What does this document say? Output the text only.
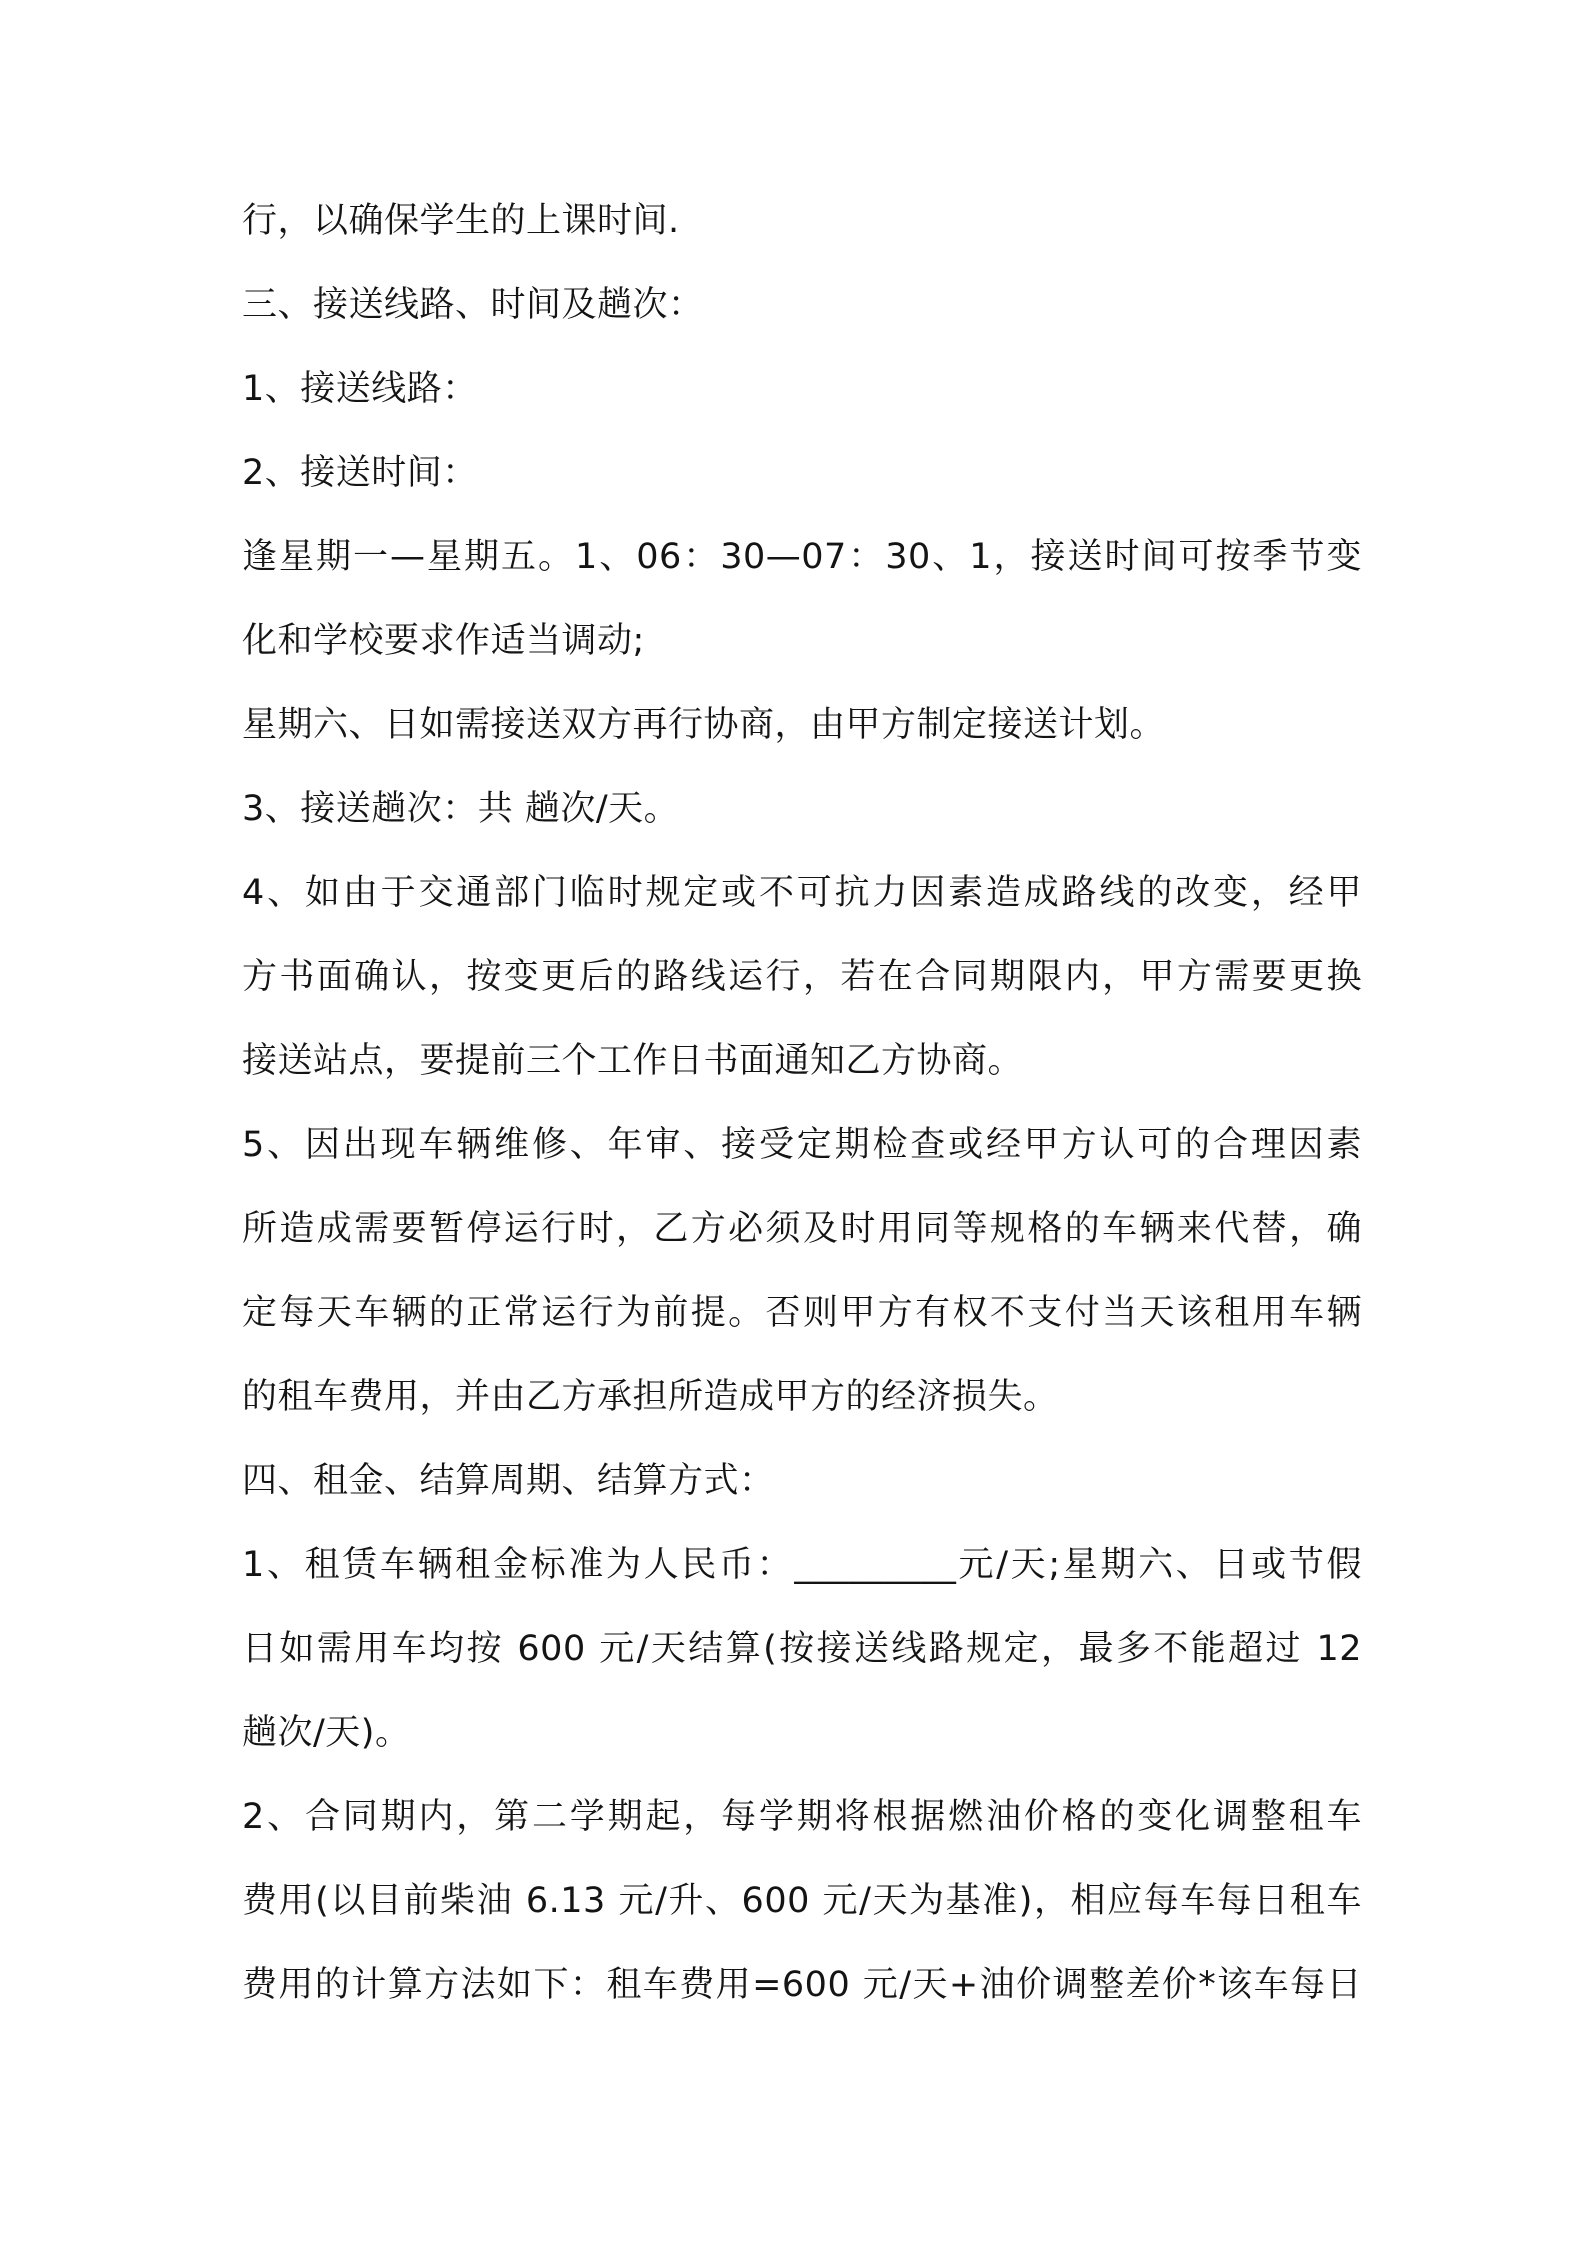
行，以确保学生的上课时间.
三、接送线路、时间及趟次：
1、接送线路：
2、接送时间：
逢星期一—星期五。1、06：30—07：30、1，接送时间可按季节变
化和学校要求作适当调动;
星期六、日如需接送双方再行协商，由甲方制定接送计划。
3、接送趟次：共 趟次/天。
4、如由于交通部门临时规定或不可抗力因素造成路线的改变，经甲
方书面确认，按变更后的路线运行，若在合同期限内，甲方需要更换
接送站点，要提前三个工作日书面通知乙方协商。
5、因出现车辆维修、年审、接受定期检查或经甲方认可的合理因素
所造成需要暂停运行时，乙方必须及时用同等规格的车辆来代替，确
定每天车辆的正常运行为前提。否则甲方有权不支付当天该租用车辆
的租车费用，并由乙方承担所造成甲方的经济损失。
四、租金、结算周期、结算方式：
1、租赁车辆租金标准为人民币：_________元/天;星期六、日或节假
日如需用车均按 600 元/天结算(按接送线路规定，最多不能超过 12
趟次/天)。
2、合同期内，第二学期起，每学期将根据燃油价格的变化调整租车
费用(以目前柴油 6.13 元/升、600 元/天为基准)，相应每车每日租车
费用的计算方法如下：租车费用=600 元/天+油价调整差价*该车每日
